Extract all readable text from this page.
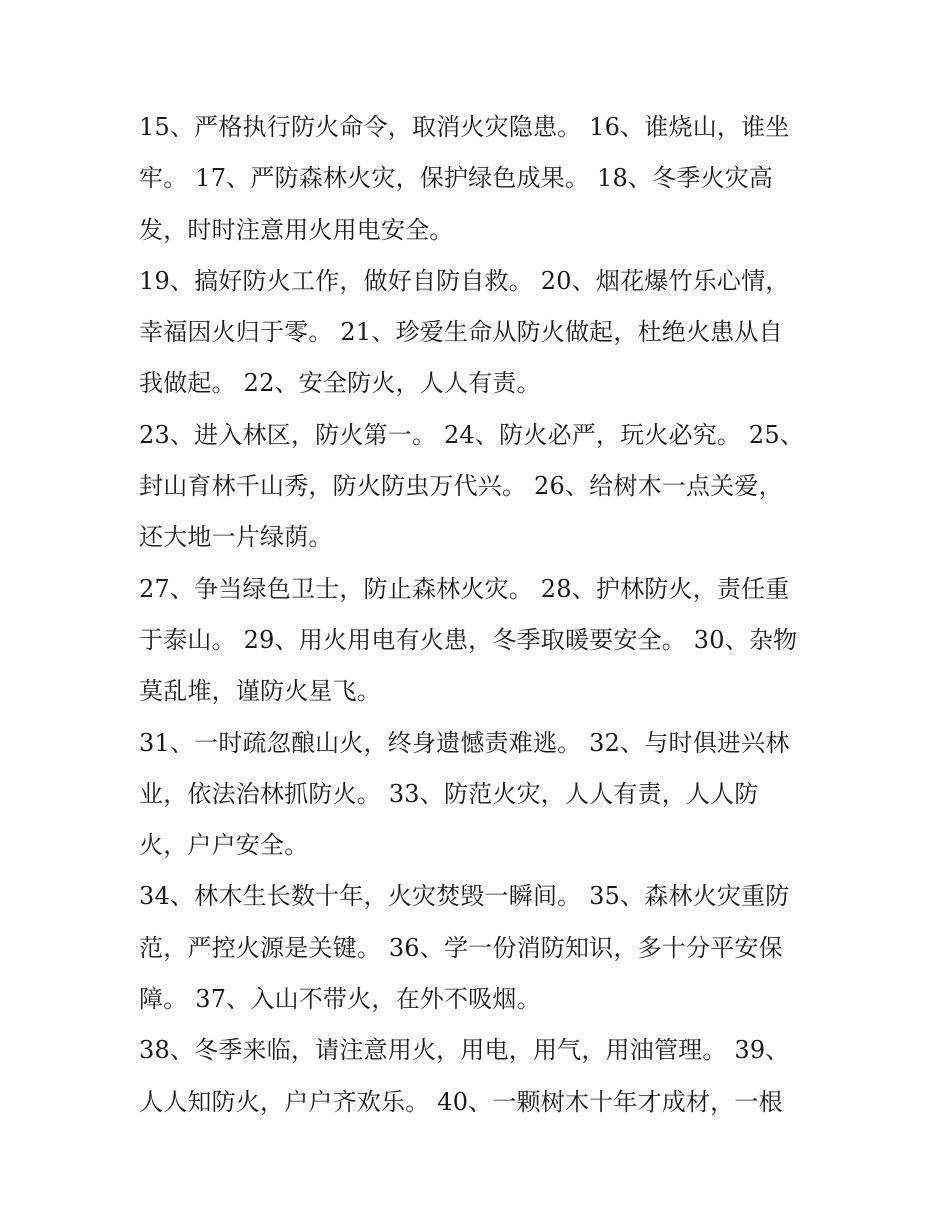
15、严格执行防火命令，取消火灾隐患。 16、谁烧山，谁坐
牢。 17、严防森林火灾，保护绿色成果。 18、冬季火灾高
发，时时注意用火用电安全。
19、搞好防火工作，做好自防自救。 20、烟花爆竹乐心情，
幸福因火归于零。 21、珍爱生命从防火做起，杜绝火患从自
我做起。 22、安全防火，人人有责。
23、进入林区，防火第一。 24、防火必严，玩火必究。 25、
封山育林千山秀，防火防虫万代兴。 26、给树木一点关爱，
还大地一片绿荫。
27、争当绿色卫士，防止森林火灾。 28、护林防火，责任重
于泰山。 29、用火用电有火患，冬季取暖要安全。 30、杂物
莫乱堆，谨防火星飞。
31、一时疏忽酿山火，终身遗憾责难逃。 32、与时俱进兴林
业，依法治林抓防火。 33、防范火灾，人人有责，人人防
火，户户安全。
34、林木生长数十年，火灾焚毁一瞬间。 35、森林火灾重防
范，严控火源是关键。 36、学一份消防知识，多十分平安保
障。 37、入山不带火，在外不吸烟。
38、冬季来临，请注意用火，用电，用气，用油管理。 39、
人人知防火，户户齐欢乐。 40、一颗树木十年才成材，一根
